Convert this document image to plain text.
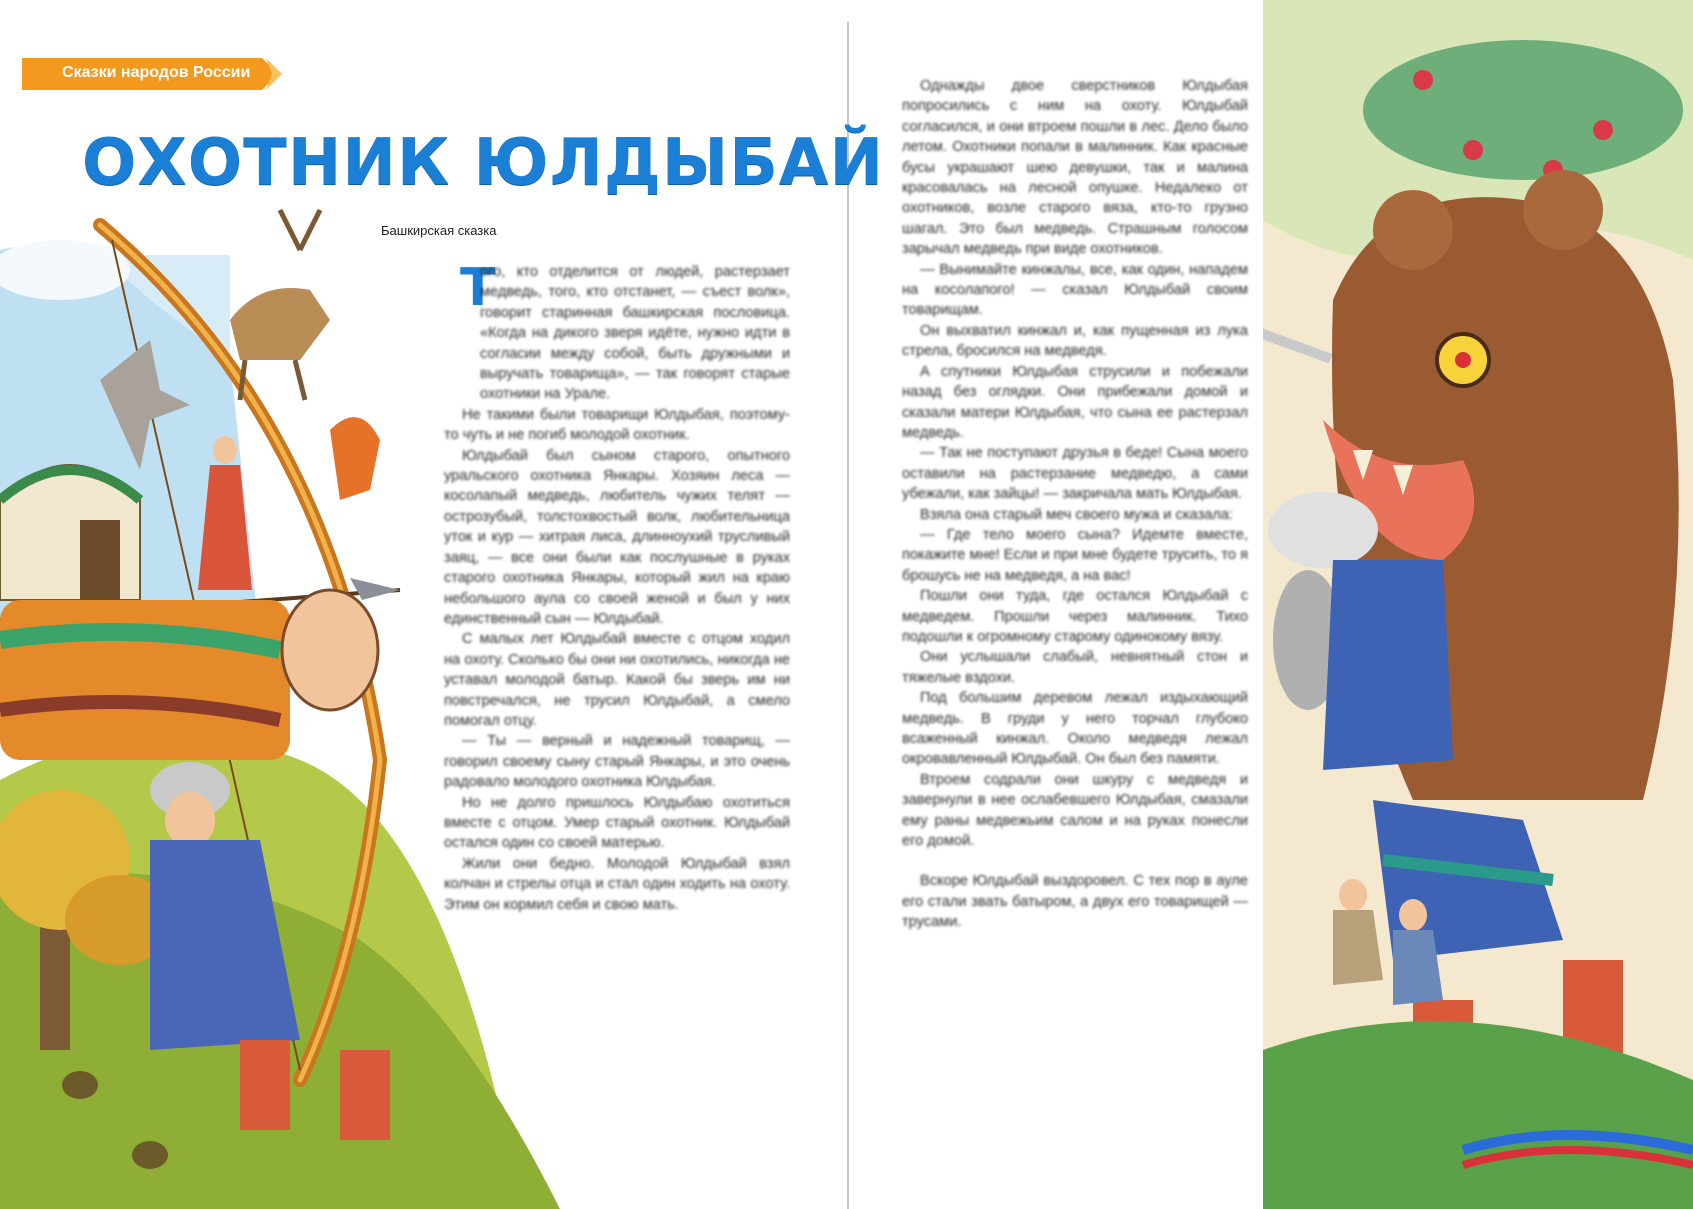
Сказки народов России
ОХОТНИК ЮЛДЫБАЙ
Башкирская сказка
Т

ого, кто отделится от людей, растерзает медведь, того, кто отстанет, — съест волк», говорит старинная башкирская пословица. «Когда на дикого зверя идёте, нужно идти в согласии между собой, быть дружными и выручать товарища», — так говорят старые охотники на Урале.

Не такими были товарищи Юлдыбая, поэтому-то чуть и не погиб молодой охотник.

Юлдыбай был сыном старого, опытного уральского охотника Янкары. Хозяин леса — косолапый медведь, любитель чужих телят — острозубый, толстохвостый волк, любительница уток и кур — хитрая лиса, длинноухий трусливый заяц, — все они были как послушные в руках старого охотника Янкары, который жил на краю небольшого аула со своей женой и был у них единственный сын — Юлдыбай.

С малых лет Юлдыбай вместе с отцом ходил на охоту. Сколько бы они ни охотились, никогда не уставал молодой батыр. Какой бы зверь им ни повстречался, не трусил Юлдыбай, а смело помогал отцу.

— Ты — верный и надежный товарищ, — говорил своему сыну старый Янкары, и это очень радовало молодого охотника Юлдыбая.

Но не долго пришлось Юлдыбаю охотиться вместе с отцом. Умер старый охотник. Юлдыбай остался один со своей матерью.

Жили они бедно. Молодой Юлдыбай взял колчан и стрелы отца и стал один ходить на охоту. Этим он кормил себя и свою мать.

Однажды двое сверстников Юлдыбая попросились с ним на охоту. Юлдыбай согласился, и они втроем пошли в лес. Дело было летом. Охотники попали в малинник. Как красные бусы украшают шею девушки, так и малина красовалась на лесной опушке. Недалеко от охотников, возле старого вяза, кто-то грузно шагал. Это был медведь. Страшным голосом зарычал медведь при виде охотников.

— Вынимайте кинжалы, все, как один, нападем на косолапого! — сказал Юлдыбай своим товарищам.

Он выхватил кинжал и, как пущенная из лука стрела, бросился на медведя.

А спутники Юлдыбая струсили и побежали назад без оглядки. Они прибежали домой и сказали матери Юлдыбая, что сына ее растерзал медведь.

— Так не поступают друзья в беде! Сына моего оставили на растерзание медведю, а сами убежали, как зайцы! — закричала мать Юлдыбая.

Взяла она старый меч своего мужа и сказала:

— Где тело моего сына? Идемте вместе, покажите мне! Если и при мне будете трусить, то я брошусь не на медведя, а на вас!

Пошли они туда, где остался Юлдыбай с медведем. Прошли через малинник. Тихо подошли к огромному старому одинокому вязу.

Они услышали слабый, невнятный стон и тяжелые вздохи.

Под большим деревом лежал издыхающий медведь. В груди у него торчал глубоко всаженный кинжал. Около медведя лежал окровавленный Юлдыбай. Он был без памяти.

Втроем содрали они шкуру с медведя и завернули в нее ослабевшего Юлдыбая, смазали ему раны медвежьим салом и на руках понесли его домой.

Вскоре Юлдыбай выздоровел. С тех пор в ауле его стали звать батыром, а двух его товарищей — трусами.
